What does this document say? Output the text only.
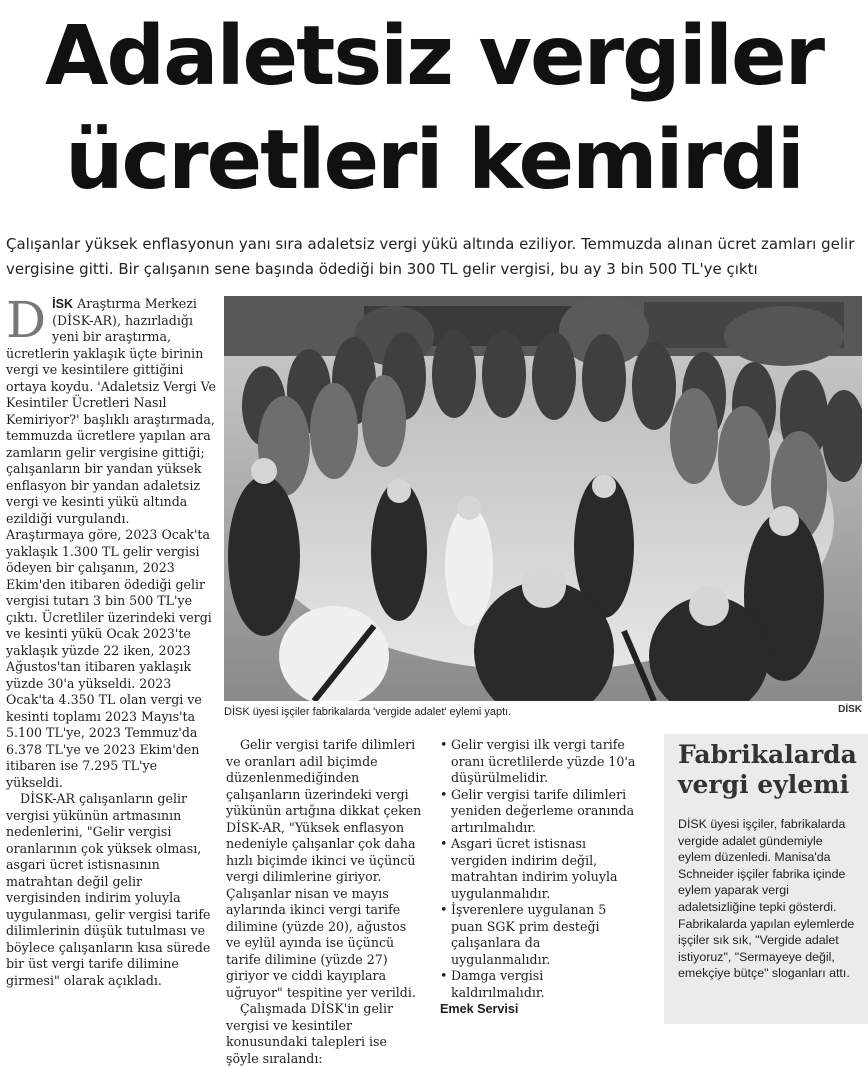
Adaletsiz vergiler
ücretleri kemirdi

Çalışanlar yüksek enflasyonun yanı sıra adaletsiz vergi yükü altında eziliyor. Temmuzda alınan ücret zamları gelir vergisine gitti. Bir çalışanın sene başında ödediği bin 300 TL gelir vergisi, bu ay 3 bin 500 TL'ye çıktı

DİSK Araştırma Merkezi (DİSK-AR), hazırladığı yeni bir araştırma, ücretlerin yaklaşık üçte birinin vergi ve kesintilere gittiğini ortaya koydu. 'Adaletsiz Vergi Ve Kesintiler Ücretleri Nasıl Kemiriyor?' başlıklı araştırmada, temmuzda ücretlere yapılan ara zamların gelir vergisine gittiği; çalışanların bir yandan yüksek enflasyon bir yandan adaletsiz vergi ve kesinti yükü altında ezildiği vurgulandı.

Araştırmaya göre, 2023 Ocak'ta yaklaşık 1.300 TL gelir vergisi ödeyen bir çalışanın, 2023 Ekim'den itibaren ödediği gelir vergisi tutarı 3 bin 500 TL'ye çıktı. Ücretliler üzerindeki vergi ve kesinti yükü Ocak 2023'te yaklaşık yüzde 22 iken, 2023 Ağustos'tan itibaren yaklaşık yüzde 30'a yükseldi. 2023 Ocak'ta 4.350 TL olan vergi ve kesinti toplamı 2023 Mayıs'ta 5.100 TL'ye, 2023 Temmuz'da 6.378 TL'ye ve 2023 Ekim'den itibaren ise 7.295 TL'ye yükseldi.

DİSK-AR çalışanların gelir vergisi yükünün artmasının nedenlerini, "Gelir vergisi oranlarının çok yüksek olması, asgari ücret istisnasının matrahtan değil gelir vergisinden indirim yoluyla uygulanması, gelir vergisi tarife dilimlerinin düşük tutulması ve böylece çalışanların kısa sürede bir üst vergi tarife dilimine girmesi" olarak açıkladı.

DİSK üyesi işçiler fabrikalarda 'vergide adalet' eylemi yaptı.	DİSK

Gelir vergisi tarife dilimleri ve oranları adil biçimde düzenlenmediğinden çalışanların üzerindeki vergi yükünün artığına dikkat çeken DİSK-AR, "Yüksek enflasyon nedeniyle çalışanlar çok daha hızlı biçimde ikinci ve üçüncü vergi dilimlerine giriyor. Çalışanlar nisan ve mayıs aylarında ikinci vergi tarife dilimine (yüzde 20), ağustos ve eylül ayında ise üçüncü tarife dilimine (yüzde 27) giriyor ve ciddi kayıplara uğruyor" tespitine yer verildi.

Çalışmada DİSK'in gelir vergisi ve kesintiler konusundaki talepleri ise şöyle sıralandı:

• Gelir vergisi ilk vergi tarife oranı ücretlilerde yüzde 10'a düşürülmelidir.
• Gelir vergisi tarife dilimleri yeniden değerleme oranında artırılmalıdır.
• Asgari ücret istisnası vergiden indirim değil, matrahtan indirim yoluyla uygulanmalıdır.
• İşverenlere uygulanan 5 puan SGK prim desteği çalışanlara da uygulanmalıdır.
• Damga vergisi kaldırılmalıdır.

Emek Servisi

Fabrikalarda vergi eylemi

DİSK üyesi işçiler, fabrikalarda vergide adalet gündemiyle eylem düzenledi. Manisa'da Schneider işçiler fabrika içinde eylem yaparak vergi adaletsizliğine tepki gösterdi. Fabrikalarda yapılan eylemlerde işçiler sık sık, "Vergide adalet istiyoruz", "Sermayeye değil, emekçiye bütçe" sloganları attı.
